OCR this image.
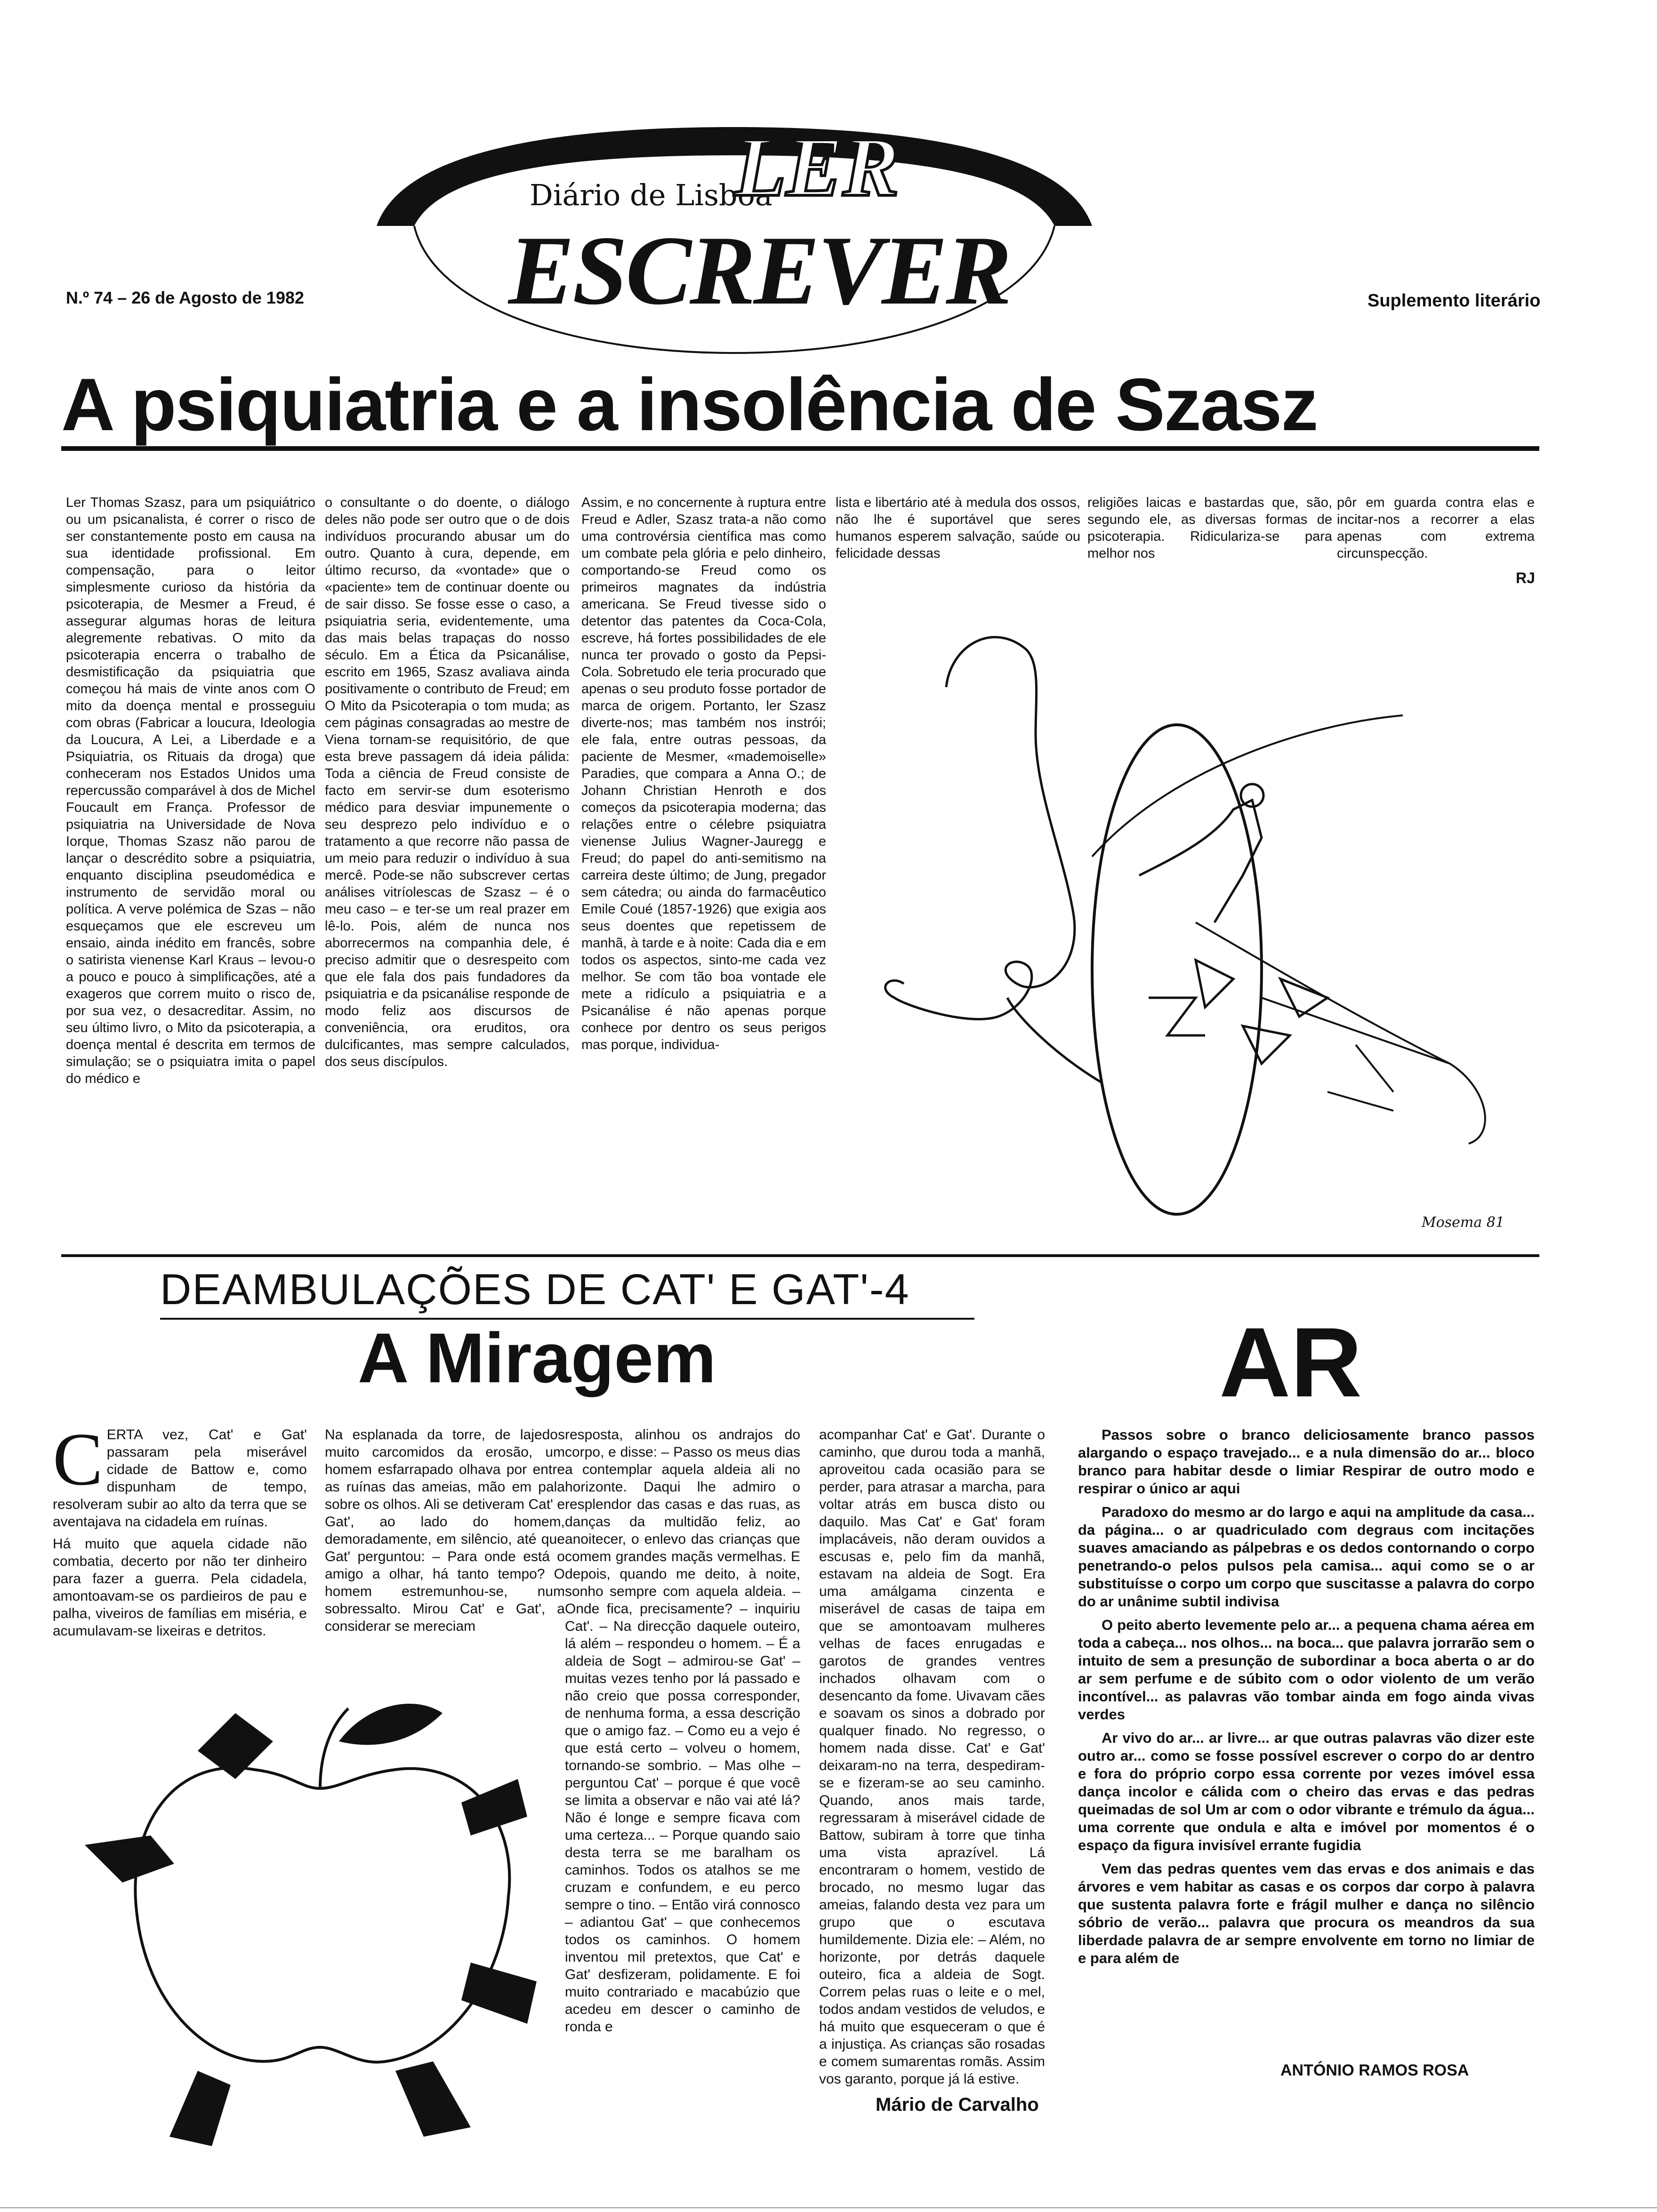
Diário de Lisboa
LER
ESCREVER
N.º 74 – 26 de Agosto de 1982	Suplemento literário
A psiquiatria e a insolência de Szasz

Ler Thomas Szasz, para um psiquiátrico ou um psicanalista, é correr o risco de ser constantemente posto em causa na sua identidade profissional. Em compensação, para o leitor simplesmente curioso da história da psicoterapia, de Mesmer a Freud, é assegurar algumas horas de leitura alegremente rebativas. O mito da psicoterapia encerra o trabalho de desmistificação da psiquiatria que começou há mais de vinte anos com O mito da doença mental e prosseguiu com obras (Fabricar a loucura, Ideologia da Loucura, A Lei, a Liberdade e a Psiquiatria, os Rituais da droga) que conheceram nos Estados Unidos uma repercussão comparável à dos de Michel Foucault em França. Professor de psiquiatria na Universidade de Nova Iorque, Thomas Szasz não parou de lançar o descrédito sobre a psiquiatria, enquanto disciplina pseudomédica e instrumento de servidão moral ou política. A verve polémica de Szas – não esqueçamos que ele escreveu um ensaio, ainda inédito em francês, sobre o satirista vienense Karl Kraus – levou-o a pouco e pouco à simplificações, até a exageros que correm muito o risco de, por sua vez, o desacreditar. Assim, no seu último livro, o Mito da psicoterapia, a doença mental é descrita em termos de simulação; se o psiquiatra imita o papel do médico e

o consultante o do doente, o diálogo deles não pode ser outro que o de dois indivíduos procurando abusar um do outro. Quanto à cura, depende, em último recurso, da «vontade» que o «paciente» tem de continuar doente ou de sair disso. Se fosse esse o caso, a psiquiatria seria, evidentemente, uma das mais belas trapaças do nosso século. Em a Ética da Psicanálise, escrito em 1965, Szasz avaliava ainda positivamente o contributo de Freud; em O Mito da Psicoterapia o tom muda; as cem páginas consagradas ao mestre de Viena tornam-se requisitório, de que esta breve passagem dá ideia pálida: Toda a ciência de Freud consiste de facto em servir-se dum esoterismo médico para desviar impunemente o seu desprezo pelo indivíduo e o tratamento a que recorre não passa de um meio para reduzir o indivíduo à sua mercê. Pode-se não subscrever certas análises vitríolescas de Szasz – é o meu caso – e ter-se um real prazer em lê-lo. Pois, além de nunca nos aborrecermos na companhia dele, é preciso admitir que o desrespeito com que ele fala dos pais fundadores da psiquiatria e da psicanálise responde de modo feliz aos discursos de conveniência, ora eruditos, ora dulcificantes, mas sempre calculados, dos seus discípulos.

Assim, e no concernente à ruptura entre Freud e Adler, Szasz trata-a não como uma controvérsia científica mas como um combate pela glória e pelo dinheiro, comportando-se Freud como os primeiros magnates da indústria americana. Se Freud tivesse sido o detentor das patentes da Coca-Cola, escreve, há fortes possibilidades de ele nunca ter provado o gosto da Pepsi-Cola. Sobretudo ele teria procurado que apenas o seu produto fosse portador de marca de origem. Portanto, ler Szasz diverte-nos; mas também nos instrói; ele fala, entre outras pessoas, da paciente de Mesmer, «mademoiselle» Paradies, que compara a Anna O.; de Johann Christian Henroth e dos começos da psicoterapia moderna; das relações entre o célebre psiquiatra vienense Julius Wagner-Jauregg e Freud; do papel do anti-semitismo na carreira deste último; de Jung, pregador sem cátedra; ou ainda do farmacêutico Emile Coué (1857-1926) que exigia aos seus doentes que repetissem de manhã, à tarde e à noite: Cada dia e em todos os aspectos, sinto-me cada vez melhor. Se com tão boa vontade ele mete a ridículo a psiquiatria e a Psicanálise é não apenas porque conhece por dentro os seus perigos mas porque, individua-

lista e libertário até à medula dos ossos, não lhe é suportável que seres humanos esperem salvação, saúde ou felicidade dessas

religiões laicas e bastardas que, são, segundo ele, as diversas formas de psicoterapia. Ridiculariza-se para melhor nos

pôr em guarda contra elas e incitar-nos a recorrer a elas apenas com extrema circunspecção.

RJ
Mosema 81
DEAMBULAÇÕES DE CAT' E GAT'-4
A Miragem

CERTA vez, Cat' e Gat' passaram pela miserável cidade de Battow e, como dispunham de tempo, resolveram subir ao alto da terra que se aventajava na cidadela em ruínas.

Há muito que aquela cidade não combatia, decerto por não ter dinheiro para fazer a guerra. Pela cidadela, amontoavam-se os pardieiros de pau e palha, viveiros de famílias em miséria, e acumulavam-se lixeiras e detritos.

Na esplanada da torre, de lajedos muito carcomidos da erosão, um homem esfarrapado olhava por entre as ruínas das ameias, mão em pala sobre os olhos. Ali se detiveram Cat' e Gat', ao lado do homem, demoradamente, em silêncio, até que Gat' perguntou: – Para onde está o amigo a olhar, há tanto tempo? O homem estremunhou-se, num sobressalto. Mirou Cat' e Gat', a considerar se mereciam

resposta, alinhou os andrajos do corpo, e disse: – Passo os meus dias a contemplar aquela aldeia ali no horizonte. Daqui lhe admiro o resplendor das casas e das ruas, as danças da multidão feliz, ao anoitecer, o enlevo das crianças que comem grandes maçãs vermelhas. E depois, quando me deito, à noite, sonho sempre com aquela aldeia. – Onde fica, precisamente? – inquiriu Cat'. – Na direcção daquele outeiro, lá além – respondeu o homem. – É a aldeia de Sogt – admirou-se Gat' – muitas vezes tenho por lá passado e não creio que possa corresponder, de nenhuma forma, a essa descrição que o amigo faz. – Como eu a vejo é que está certo – volveu o homem, tornando-se sombrio. – Mas olhe – perguntou Cat' – porque é que você se limita a observar e não vai até lá? Não é longe e sempre ficava com uma certeza... – Porque quando saio desta terra se me baralham os caminhos. Todos os atalhos se me cruzam e confundem, e eu perco sempre o tino. – Então virá connosco – adiantou Gat' – que conhecemos todos os caminhos. O homem inventou mil pretextos, que Cat' e Gat' desfizeram, polidamente. E foi muito contrariado e macabúzio que acedeu em descer o caminho de ronda e

acompanhar Cat' e Gat'. Durante o caminho, que durou toda a manhã, aproveitou cada ocasião para se perder, para atrasar a marcha, para voltar atrás em busca disto ou daquilo. Mas Cat' e Gat' foram implacáveis, não deram ouvidos a escusas e, pelo fim da manhã, estavam na aldeia de Sogt. Era uma amálgama cinzenta e miserável de casas de taipa em que se amontoavam mulheres velhas de faces enrugadas e garotos de grandes ventres inchados olhavam com o desencanto da fome. Uivavam cães e soavam os sinos a dobrado por qualquer finado. No regresso, o homem nada disse. Cat' e Gat' deixaram-no na terra, despediram-se e fizeram-se ao seu caminho. Quando, anos mais tarde, regressaram à miserável cidade de Battow, subiram à torre que tinha uma vista aprazível. Lá encontraram o homem, vestido de brocado, no mesmo lugar das ameias, falando desta vez para um grupo que o escutava humildemente. Dizia ele: – Além, no horizonte, por detrás daquele outeiro, fica a aldeia de Sogt. Correm pelas ruas o leite e o mel, todos andam vestidos de veludos, e há muito que esqueceram o que é a injustiça. As crianças são rosadas e comem sumarentas romãs. Assim vos garanto, porque já lá estive.

Mário de Carvalho
AR

Passos sobre o branco deliciosamente branco passos alargando o espaço travejado... e a nula dimensão do ar... bloco branco para habitar desde o limiar Respirar de outro modo e respirar o único ar aqui

Paradoxo do mesmo ar do largo e aqui na amplitude da casa... da página... o ar quadriculado com degraus com incitações suaves amaciando as pálpebras e os dedos contornando o corpo penetrando-o pelos pulsos pela camisa... aqui como se o ar substituísse o corpo um corpo que suscitasse a palavra do corpo do ar unânime subtil indivisa

O peito aberto levemente pelo ar... a pequena chama aérea em toda a cabeça... nos olhos... na boca... que palavra jorrarão sem o intuito de sem a presunção de subordinar a boca aberta o ar do ar sem perfume e de súbito com o odor violento de um verão incontível... as palavras vão tombar ainda em fogo ainda vivas verdes

Ar vivo do ar... ar livre... ar que outras palavras vão dizer este outro ar... como se fosse possível escrever o corpo do ar dentro e fora do próprio corpo essa corrente por vezes imóvel essa dança incolor e cálida com o cheiro das ervas e das pedras queimadas de sol Um ar com o odor vibrante e trémulo da água... uma corrente que ondula e alta e imóvel por momentos é o espaço da figura invisível errante fugidia

Vem das pedras quentes vem das ervas e dos animais e das árvores e vem habitar as casas e os corpos dar corpo à palavra que sustenta palavra forte e frágil mulher e dança no silêncio sóbrio de verão... palavra que procura os meandros da sua liberdade palavra de ar sempre envolvente em torno no limiar de e para além de

ANTÓNIO RAMOS ROSA
